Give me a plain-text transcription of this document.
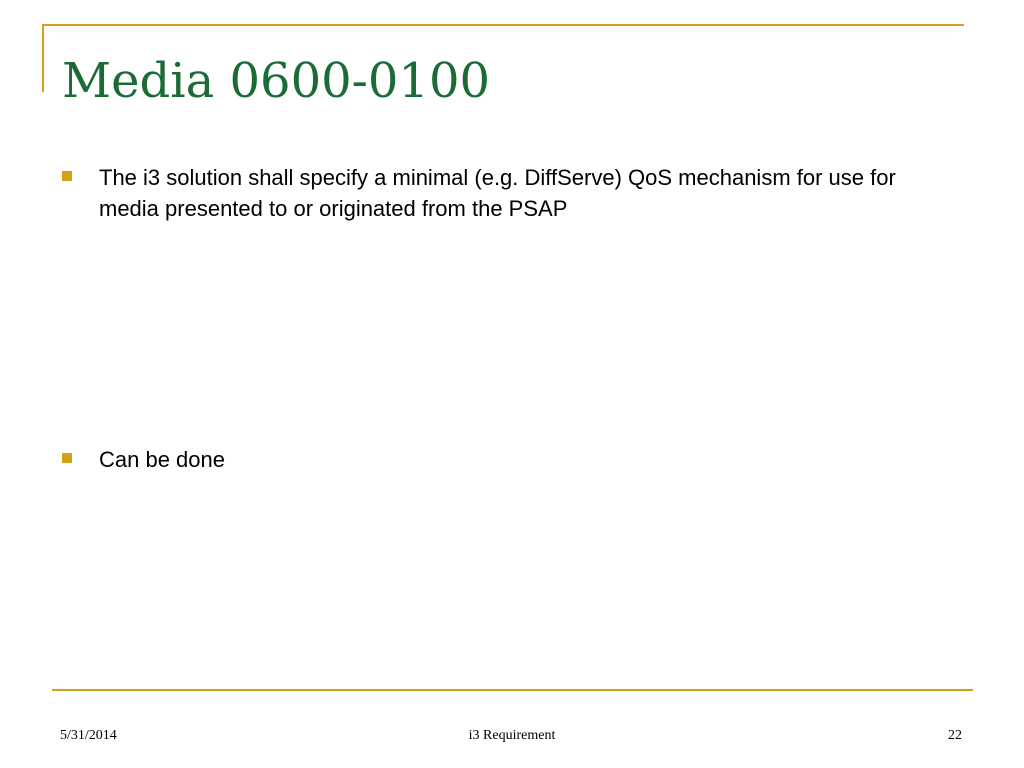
Media 0600-0100
The i3 solution shall specify a minimal (e.g. DiffServe) QoS mechanism for use for media presented to or originated from the PSAP
Can be done
5/31/2014	i3 Requirement	22
